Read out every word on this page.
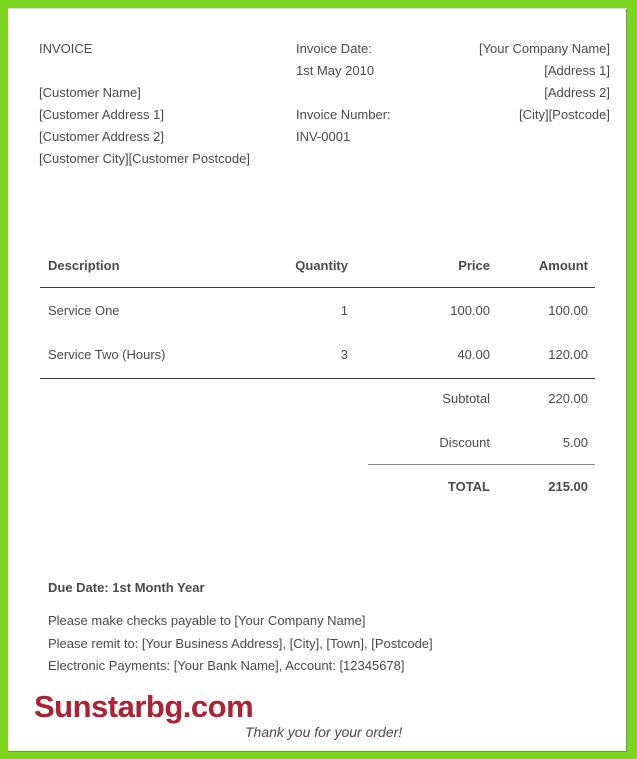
INVOICE
[Customer Name]
[Customer Address 1]
[Customer Address 2]
[Customer City][Customer Postcode]
Invoice Date:
1st May 2010
Invoice Number:
INV-0001
[Your Company Name]
[Address 1]
[Address 2]
[City][Postcode]
Description	Quantity	Price	Amount
Service One	1	100.00	100.00
Service Two (Hours)	3	40.00	120.00
Subtotal	220.00
Discount	5.00
TOTAL	215.00
Due Date: 1st Month Year
Please make checks payable to [Your Company Name]
Please remit to: [Your Business Address], [City], [Town], [Postcode]
Electronic Payments: [Your Bank Name], Account: [12345678]
Sunstarbg.com
Thank you for your order!
